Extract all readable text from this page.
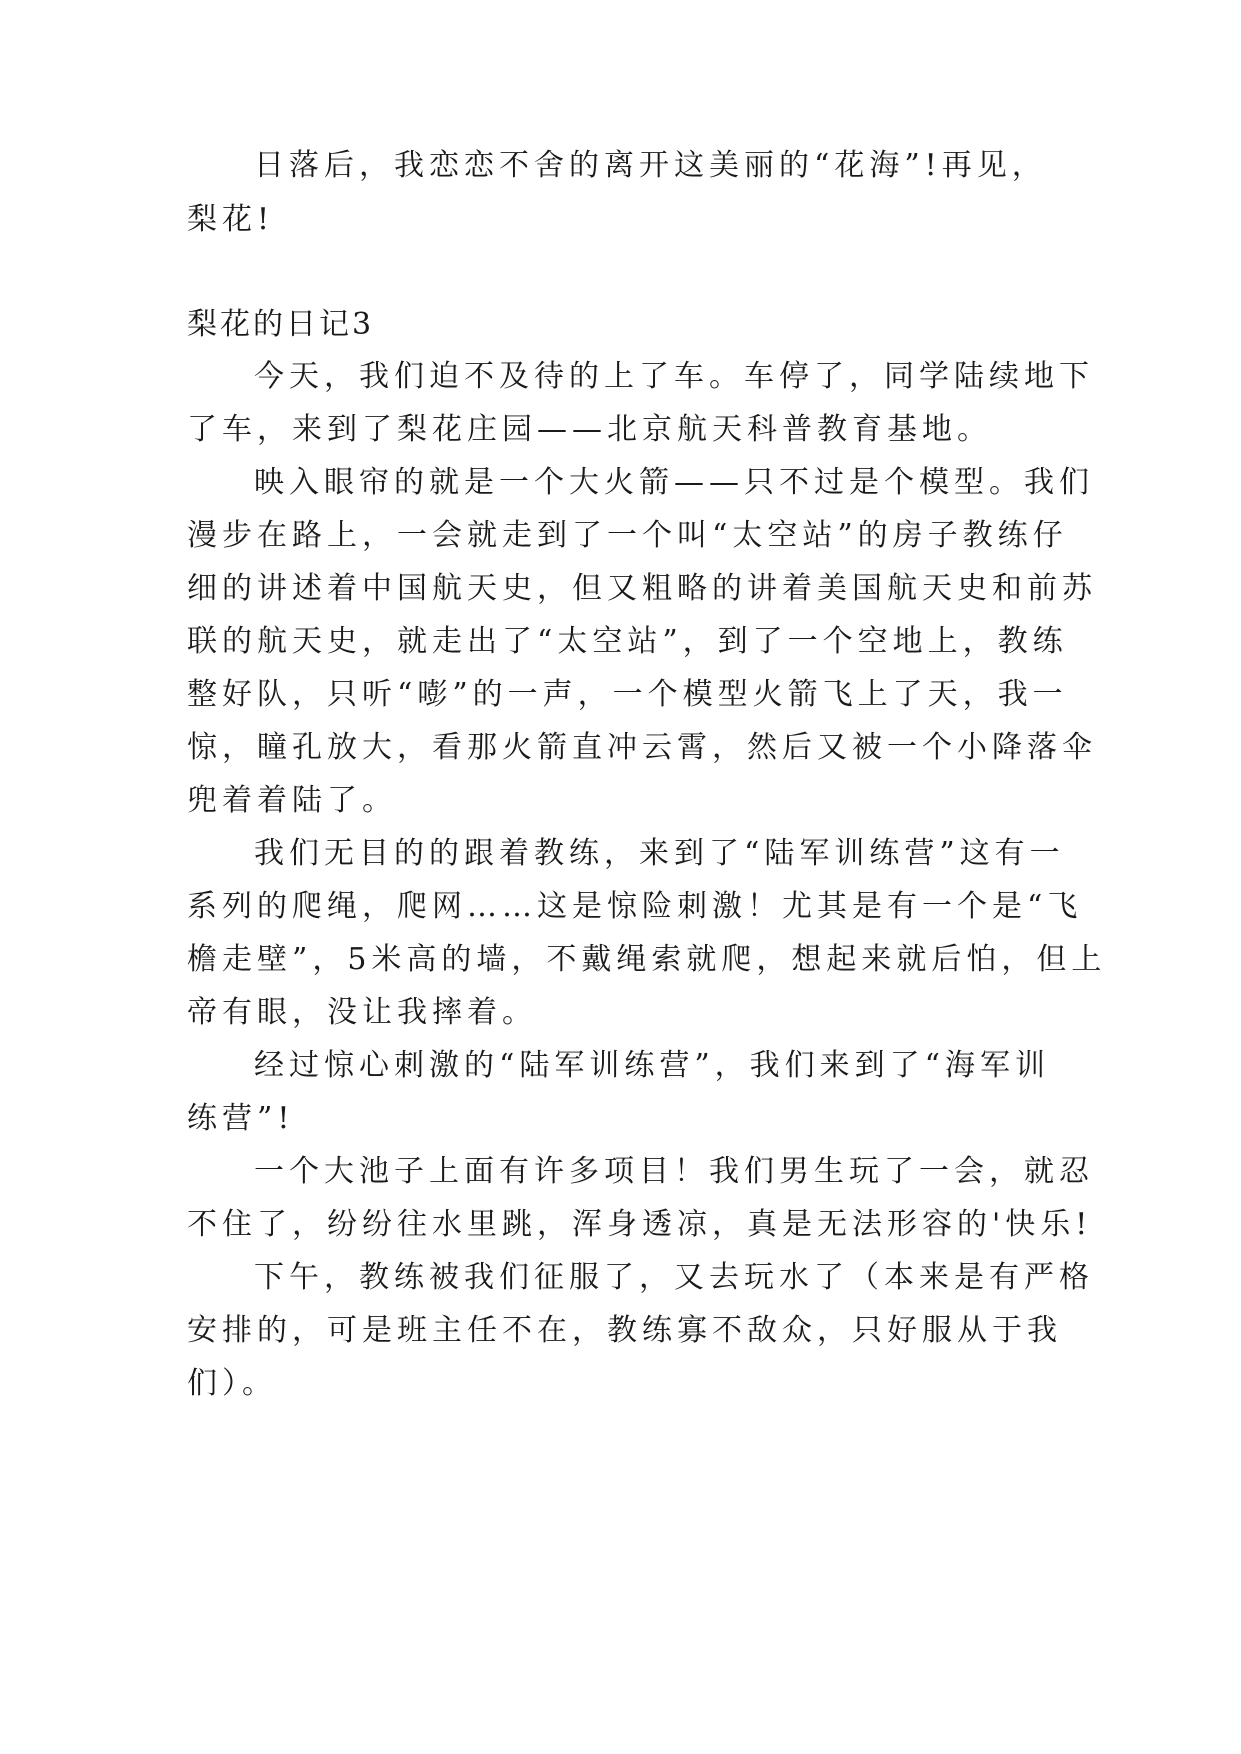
日落后，我恋恋不舍的离开这美丽的“花海”!再见，
梨花!
梨花的日记3
今天，我们迫不及待的上了车。车停了，同学陆续地下
了车，来到了梨花庄园——北京航天科普教育基地。
映入眼帘的就是一个大火箭——只不过是个模型。我们
漫步在路上，一会就走到了一个叫“太空站”的房子教练仔
细的讲述着中国航天史，但又粗略的讲着美国航天史和前苏
联的航天史，就走出了“太空站”，到了一个空地上，教练
整好队，只听“嘭”的一声，一个模型火箭飞上了天，我一
惊，瞳孔放大，看那火箭直冲云霄，然后又被一个小降落伞
兜着着陆了。
我们无目的的跟着教练，来到了“陆军训练营”这有一
系列的爬绳，爬网……这是惊险刺激！尤其是有一个是“飞
檐走壁”，5米高的墙，不戴绳索就爬，想起来就后怕，但上
帝有眼，没让我摔着。
经过惊心刺激的“陆军训练营”，我们来到了“海军训
练营”!
一个大池子上面有许多项目！我们男生玩了一会，就忍
不住了，纷纷往水里跳，浑身透凉，真是无法形容的'快乐!
下午，教练被我们征服了，又去玩水了（本来是有严格
安排的，可是班主任不在，教练寡不敌众，只好服从于我
们）。
